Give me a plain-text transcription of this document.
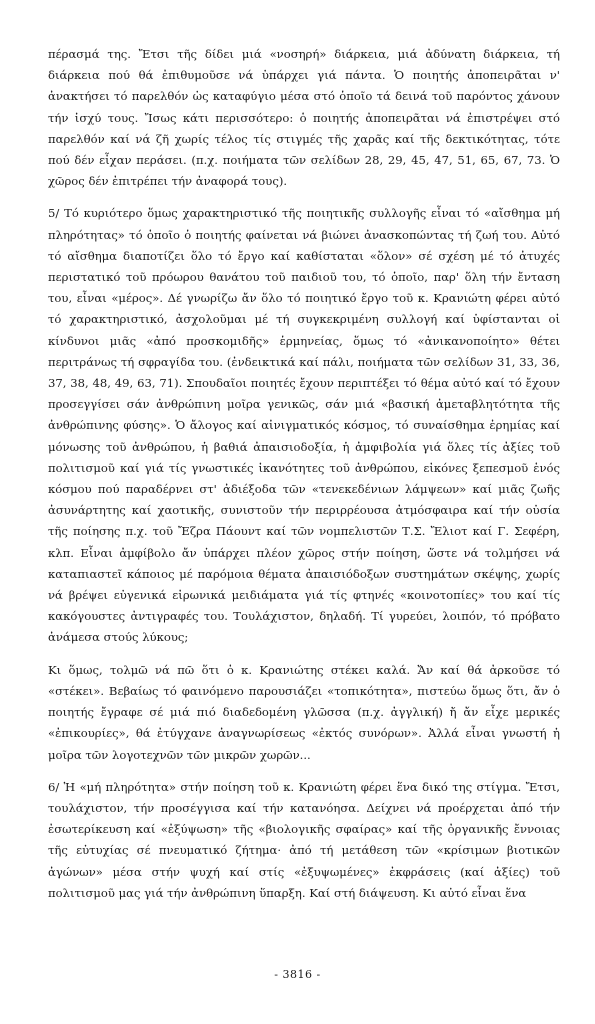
πέρασμά της. Ἔτσι τῆς δίδει μιά «νοσηρή» διάρκεια, μιά ἀδύνατη διάρκεια, τή διάρκεια πού θά ἐπιθυμοῦσε νά ὑπάρχει γιά πάντα. Ὁ ποιητής ἀποπειρᾶται ν' ἀνακτήσει τό παρελθόν ὡς καταφύγιο μέσα στό ὁποῖο τά δεινά τοῦ παρόντος χάνουν τήν ἰσχύ τους. Ἴσως κάτι περισσότερο: ὁ ποιητής ἀποπειρᾶται νά ἐπιστρέψει στό παρελθόν καί νά ζῆ χωρίς τέλος τίς στιγμές τῆς χαρᾶς καί τῆς δεκτικότητας, τότε πού δέν εἶχαν περάσει. (π.χ. ποιήματα τῶν σελίδων 28, 29, 45, 47, 51, 65, 67, 73. Ὁ χῶρος δέν ἐπιτρέπει τήν ἀναφορά τους).

5/ Τό κυριότερο ὅμως χαρακτηριστικό τῆς ποιητικῆς συλλογῆς εἶναι τό «αἴσθημα μή πληρότητας» τό ὁποῖο ὁ ποιητής φαίνεται νά βιώνει ἀνασκοπώντας τή ζωή του. Αὐτό τό αἴσθημα διαποτίζει ὅλο τό ἔργο καί καθίσταται «ὅλον» σέ σχέση μέ τό ἀτυχές περιστατικό τοῦ πρόωρου θανάτου τοῦ παιδιοῦ του, τό ὁποῖο, παρ' ὅλη τήν ἔνταση του, εἶναι «μέρος». Δέ γνωρίζω ἄν ὅλο τό ποιητικό ἔργο τοῦ κ. Κρανιώτη φέρει αὐτό τό χαρακτηριστικό, ἀσχολοῦμαι μέ τή συγκεκριμένη συλλογή καί ὑφίστανται οἱ κίνδυνοι μιᾶς «ἀπό προσκομιδῆς» ἑρμηνείας, ὅμως τό «ἀνικανοποίητο» θέτει περιτράνως τή σφραγίδα του. (ἐνδεικτικά καί πάλι, ποιήματα τῶν σελίδων 31, 33, 36, 37, 38, 48, 49, 63, 71). Σπουδαῖοι ποιητές ἔχουν περιπτέξει τό θέμα αὐτό καί τό ἔχουν προσεγγίσει σάν ἀνθρώπινη μοῖρα γενικῶς, σάν μιά «βασική ἀμεταβλητότητα τῆς ἀνθρώπινης φύσης». Ὁ ἄλογος καί αἰνιγματικός κόσμος, τό συναίσθημα ἐρημίας καί μόνωσης τοῦ ἀνθρώπου, ἡ βαθιά ἀπαισιοδοξία, ἡ ἀμφιβολία γιά ὅλες τίς ἀξίες τοῦ πολιτισμοῦ καί γιά τίς γνωστικές ἱκανότητες τοῦ ἀνθρώπου, εἰκόνες ξεπεσμοῦ ἑνός κόσμου πού παραδέρνει στ' ἀδιέξοδα τῶν «τενεκεδένιων λάμψεων» καί μιᾶς ζωῆς ἀσυνάρτητης καί χαοτικῆς, συνιστοῦν τήν περιρρέουσα ἀτμόσφαιρα καί τήν οὐσία τῆς ποίησης π.χ. τοῦ Ἔζρα Πάουντ καί τῶν νομπελιστῶν Τ.Σ. Ἔλιοτ καί Γ. Σεφέρη, κλπ. Εἶναι ἀμφίβολο ἄν ὑπάρχει πλέον χῶρος στήν ποίηση, ὥστε νά τολμήσει νά καταπιαστεῖ κάποιος μέ παρόμοια θέματα ἀπαισιόδοξων συστημάτων σκέψης, χωρίς νά βρέψει εὐγενικά εἰρωνικά μειδιάματα γιά τίς φτηνές «κοινοτοπίες» του καί τίς κακόγουστες ἀντιγραφές του. Τουλάχιστον, δηλαδή. Τί γυρεύει, λοιπόν, τό πρόβατο ἀνάμεσα στούς λύκους;

Κι ὅμως, τολμῶ νά πῶ ὅτι ὁ κ. Κρανιώτης στέκει καλά. Ἄν καί θά ἀρκοῦσε τό «στέκει». Βεβαίως τό φαινόμενο παρουσιάζει «τοπικότητα», πιστεύω ὅμως ὅτι, ἄν ὁ ποιητής ἔγραφε σέ μιά πιό διαδεδομένη γλῶσσα (π.χ. ἀγγλική) ἤ ἄν εἶχε μερικές «ἐπικουρίες», θά ἐτύγχανε ἀναγνωρίσεως «ἐκτός συνόρων». Ἀλλά εἶναι γνωστή ἡ μοῖρα τῶν λογοτεχνῶν τῶν μικρῶν χωρῶν...

6/ Ἡ «μή πληρότητα» στήν ποίηση τοῦ κ. Κρανιώτη φέρει ἕνα δικό της στίγμα. Ἔτσι, τουλάχιστον, τήν προσέγγισα καί τήν κατανόησα. Δείχνει νά προέρχεται ἀπό τήν ἐσωτερίκευση καί «ἐξύψωση» τῆς «βιολογικῆς σφαίρας» καί τῆς ὀργανικῆς ἔννοιας τῆς εὐτυχίας σέ πνευματικό ζήτημα· ἀπό τή μετάθεση τῶν «κρίσιμων βιοτικῶν ἀγώνων» μέσα στήν ψυχή καί στίς «ἐξυψωμένες» ἐκφράσεις (καί ἀξίες) τοῦ πολιτισμοῦ μας γιά τήν ἀνθρώπινη ὕπαρξη. Καί στή διάψευση. Κι αὐτό εἶναι ἕνα

- 3816 -
